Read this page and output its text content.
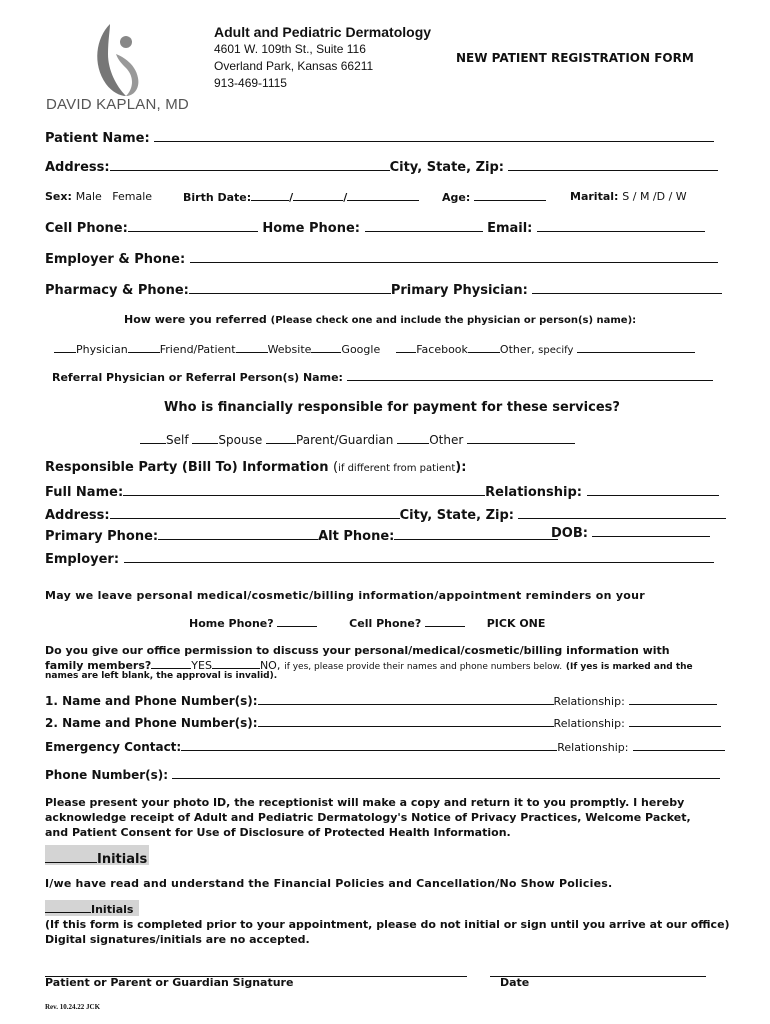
DAVID KAPLAN, MD
Adult and Pediatric Dermatology
4601 W. 109th St., Suite 116
Overland Park, Kansas 66211
913-469-1115
NEW PATIENT REGISTRATION FORM
Patient Name:
Address:	City, State, Zip:
Sex: Male   Female	Birth Date:	/	/	Age:	Marital: S / M /D / W
Cell Phone:	Home Phone:	Email:
Employer & Phone:
Pharmacy & Phone:	Primary Physician:
How were you referred (Please check one and include the physician or person(s) name):
Physician	Friend/Patient	Website	Google	Facebook	Other, specify
Referral Physician or Referral Person(s) Name:
Who is financially responsible for payment for these services?
Self Spouse	Parent/Guardian	Other
Responsible Party (Bill To) Information (if different from patient):
Full Name:	Relationship:
Address:	City, State, Zip:
Primary Phone:	Alt Phone:	DOB:
Employer:
May we leave personal medical/cosmetic/billing information/appointment reminders on your
Home Phone?	Cell Phone?	PICK ONE
Do you give our office permission to discuss your personal/medical/cosmetic/billing information with
family members?	YES	NO, if yes, please provide their names and phone numbers below. (If yes is marked and the
names are left blank, the approval is invalid).
1. Name and Phone Number(s):	Relationship:
2. Name and Phone Number(s):	Relationship:
Emergency Contact:	Relationship:
Phone Number(s):
Please present your photo ID, the receptionist will make a copy and return it to you promptly. I hereby
acknowledge receipt of Adult and Pediatric Dermatology's Notice of Privacy Practices, Welcome Packet,
and Patient Consent for Use of Disclosure of Protected Health Information.
Initials
I/we have read and understand the Financial Policies and Cancellation/No Show Policies.
Initials
(If this form is completed prior to your appointment, please do not initial or sign until you arrive at our office)
Digital signatures/initials are no accepted.
Patient or Parent or Guardian Signature	Date
Rev. 10.24.22 JCK
